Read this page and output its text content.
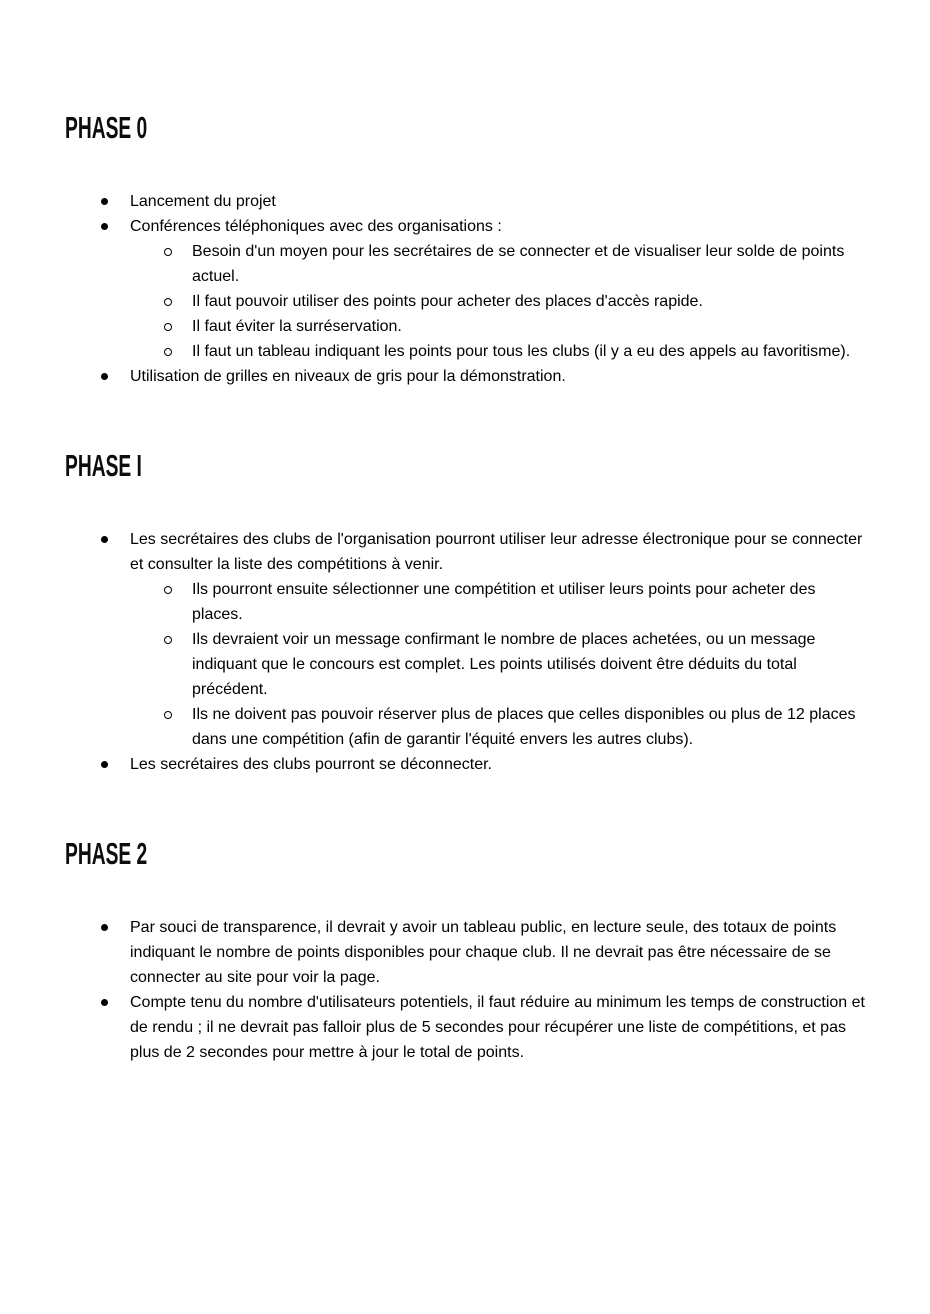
PHASE 0
Lancement du projet
Conférences téléphoniques avec des organisations :
Besoin d'un moyen pour les secrétaires de se connecter et de visualiser leur solde de points actuel.
Il faut pouvoir utiliser des points pour acheter des places d'accès rapide.
Il faut éviter la surréservation.
Il faut un tableau indiquant les points pour tous les clubs (il y a eu des appels au favoritisme).
Utilisation de grilles en niveaux de gris pour la démonstration.
PHASE I
Les secrétaires des clubs de l'organisation pourront utiliser leur adresse électronique pour se connecter et consulter la liste des compétitions à venir.
Ils pourront ensuite sélectionner une compétition et utiliser leurs points pour acheter des places.
Ils devraient voir un message confirmant le nombre de places achetées, ou un message indiquant que le concours est complet. Les points utilisés doivent être déduits du total précédent.
Ils ne doivent pas pouvoir réserver plus de places que celles disponibles ou plus de 12 places dans une compétition (afin de garantir l'équité envers les autres clubs).
Les secrétaires des clubs pourront se déconnecter.
PHASE 2
Par souci de transparence, il devrait y avoir un tableau public, en lecture seule, des totaux de points indiquant le nombre de points disponibles pour chaque club. Il ne devrait pas être nécessaire de se connecter au site pour voir la page.
Compte tenu du nombre d'utilisateurs potentiels, il faut réduire au minimum les temps de construction et de rendu ; il ne devrait pas falloir plus de 5 secondes pour récupérer une liste de compétitions, et pas plus de 2 secondes pour mettre à jour le total de points.
